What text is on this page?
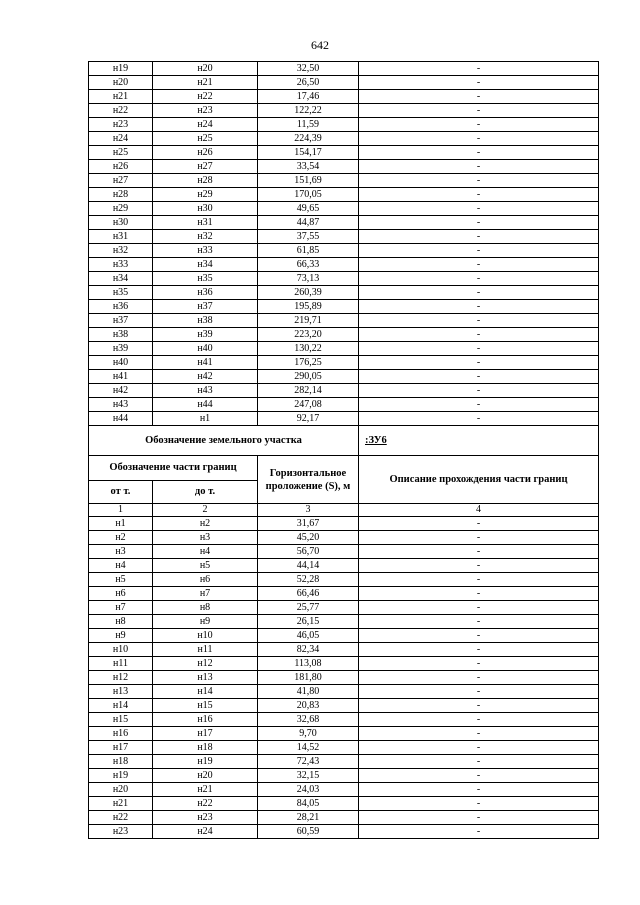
642
н19	н20	32,50	-
н20	н21	26,50	-
н21	н22	17,46	-
н22	н23	122,22	-
н23	н24	11,59	-
н24	н25	224,39	-
н25	н26	154,17	-
н26	н27	33,54	-
н27	н28	151,69	-
н28	н29	170,05	-
н29	н30	49,65	-
н30	н31	44,87	-
н31	н32	37,55	-
н32	н33	61,85	-
н33	н34	66,33	-
н34	н35	73,13	-
н35	н36	260,39	-
н36	н37	195,89	-
н37	н38	219,71	-
н38	н39	223,20	-
н39	н40	130,22	-
н40	н41	176,25	-
н41	н42	290,05	-
н42	н43	282,14	-
н43	н44	247,08	-
н44	н1	92,17	-
Обозначение земельного участка			:ЗУ6
Обозначение части границ		Горизонтальное проложение (S), м	Описание прохождения части границ
от т.	до т.		
1	2	3	4
н1	н2	31,67	-
н2	н3	45,20	-
н3	н4	56,70	-
н4	н5	44,14	-
н5	н6	52,28	-
н6	н7	66,46	-
н7	н8	25,77	-
н8	н9	26,15	-
н9	н10	46,05	-
н10	н11	82,34	-
н11	н12	113,08	-
н12	н13	181,80	-
н13	н14	41,80	-
н14	н15	20,83	-
н15	н16	32,68	-
н16	н17	9,70	-
н17	н18	14,52	-
н18	н19	72,43	-
н19	н20	32,15	-
н20	н21	24,03	-
н21	н22	84,05	-
н22	н23	28,21	-
н23	н24	60,59	-
